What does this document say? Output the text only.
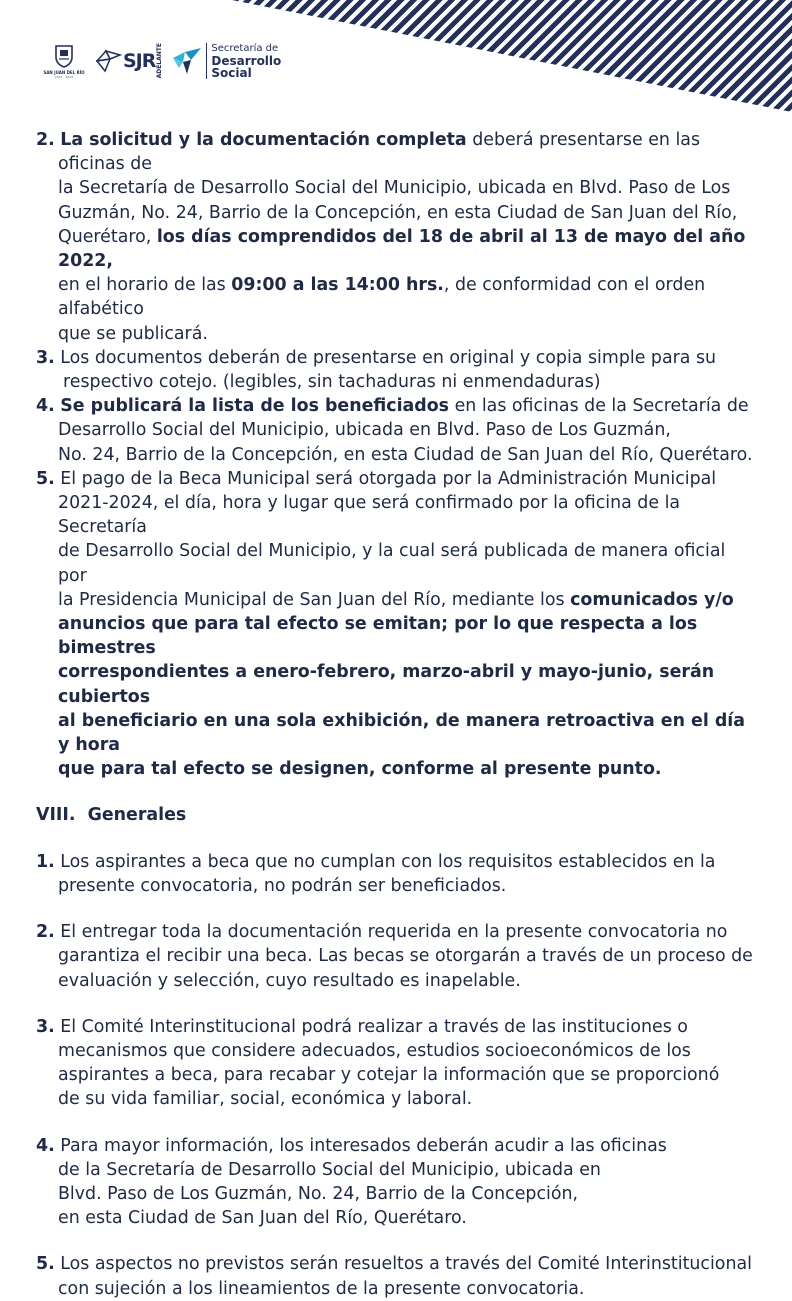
SAN JUAN DEL RÍO
2021 · 2024
SJR ADELANTE	Secretaría de
Desarrollo
Social

2. La solicitud y la documentación completa deberá presentarse en las oficinas de
la Secretaría de Desarrollo Social del Municipio, ubicada en Blvd. Paso de Los
Guzmán, No. 24, Barrio de la Concepción, en esta Ciudad de San Juan del Río,
Querétaro, los días comprendidos del 18 de abril al 13 de mayo del año 2022,
en el horario de las 09:00 a las 14:00 hrs., de conformidad con el orden alfabético
que se publicará.

3. Los documentos deberán de presentarse en original y copia simple para su
respectivo cotejo. (legibles, sin tachaduras ni enmendaduras)

4. Se publicará la lista de los beneficiados en las oficinas de la Secretaría de
Desarrollo Social del Municipio, ubicada en Blvd. Paso de Los Guzmán,
No. 24, Barrio de la Concepción, en esta Ciudad de San Juan del Río, Querétaro.

5. El pago de la Beca Municipal será otorgada por la Administración Municipal
2021-2024, el día, hora y lugar que será confirmado por la oficina de la Secretaría
de Desarrollo Social del Municipio, y la cual será publicada de manera oficial por
la Presidencia Municipal de San Juan del Río, mediante los comunicados y/o
anuncios que para tal efecto se emitan; por lo que respecta a los bimestres
correspondientes a enero-febrero, marzo-abril y mayo-junio, serán cubiertos
al beneficiario en una sola exhibición, de manera retroactiva en el día y hora
que para tal efecto se designen, conforme al presente punto.

VIII.  Generales

1. Los aspirantes a beca que no cumplan con los requisitos establecidos en la
presente convocatoria, no podrán ser beneficiados.

2. El entregar toda la documentación requerida en la presente convocatoria no
garantiza el recibir una beca. Las becas se otorgarán a través de un proceso de
evaluación y selección, cuyo resultado es inapelable.

3. El Comité Interinstitucional podrá realizar a través de las instituciones o
mecanismos que considere adecuados, estudios socioeconómicos de los
aspirantes a beca, para recabar y cotejar la información que se proporcionó
de su vida familiar, social, económica y laboral.

4. Para mayor información, los interesados deberán acudir a las oficinas
de la Secretaría de Desarrollo Social del Municipio, ubicada en
Blvd. Paso de Los Guzmán, No. 24, Barrio de la Concepción,
en esta Ciudad de San Juan del Río, Querétaro.

5. Los aspectos no previstos serán resueltos a través del Comité Interinstitucional
con sujeción a los lineamientos de la presente convocatoria.
